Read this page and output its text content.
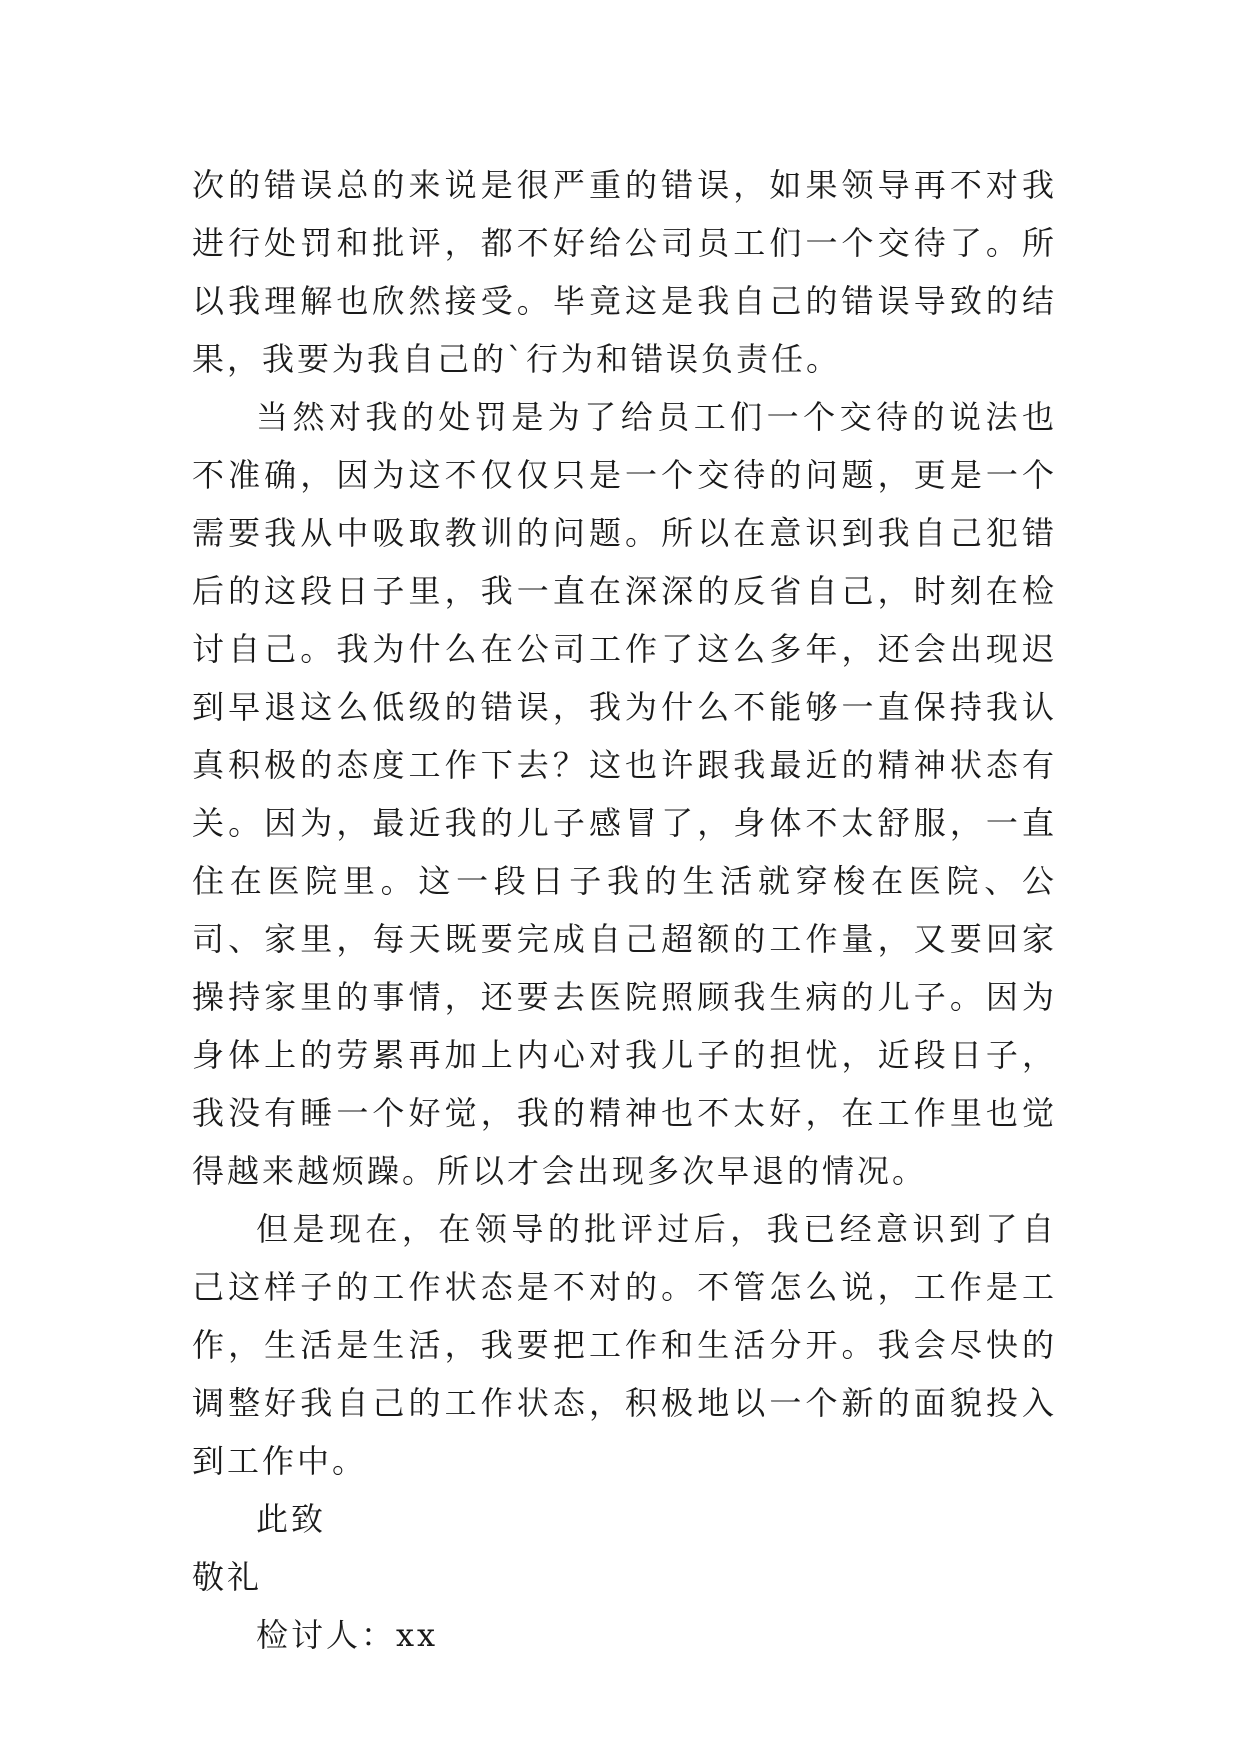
次的错误总的来说是很严重的错误，如果领导再不对我进行处罚和批评，都不好给公司员工们一个交待了。所以我理解也欣然接受。毕竟这是我自己的错误导致的结果，我要为我自己的`行为和错误负责任。

当然对我的处罚是为了给员工们一个交待的说法也不准确，因为这不仅仅只是一个交待的问题，更是一个需要我从中吸取教训的问题。所以在意识到我自己犯错后的这段日子里，我一直在深深的反省自己，时刻在检讨自己。我为什么在公司工作了这么多年，还会出现迟到早退这么低级的错误，我为什么不能够一直保持我认真积极的态度工作下去？这也许跟我最近的精神状态有关。因为，最近我的儿子感冒了，身体不太舒服，一直住在医院里。这一段日子我的生活就穿梭在医院、公司、家里，每天既要完成自己超额的工作量，又要回家操持家里的事情，还要去医院照顾我生病的儿子。因为身体上的劳累再加上内心对我儿子的担忧，近段日子，我没有睡一个好觉，我的精神也不太好，在工作里也觉得越来越烦躁。所以才会出现多次早退的情况。

但是现在，在领导的批评过后，我已经意识到了自己这样子的工作状态是不对的。不管怎么说，工作是工作，生活是生活，我要把工作和生活分开。我会尽快的调整好我自己的工作状态，积极地以一个新的面貌投入到工作中。

此致

敬礼

检讨人：xx
